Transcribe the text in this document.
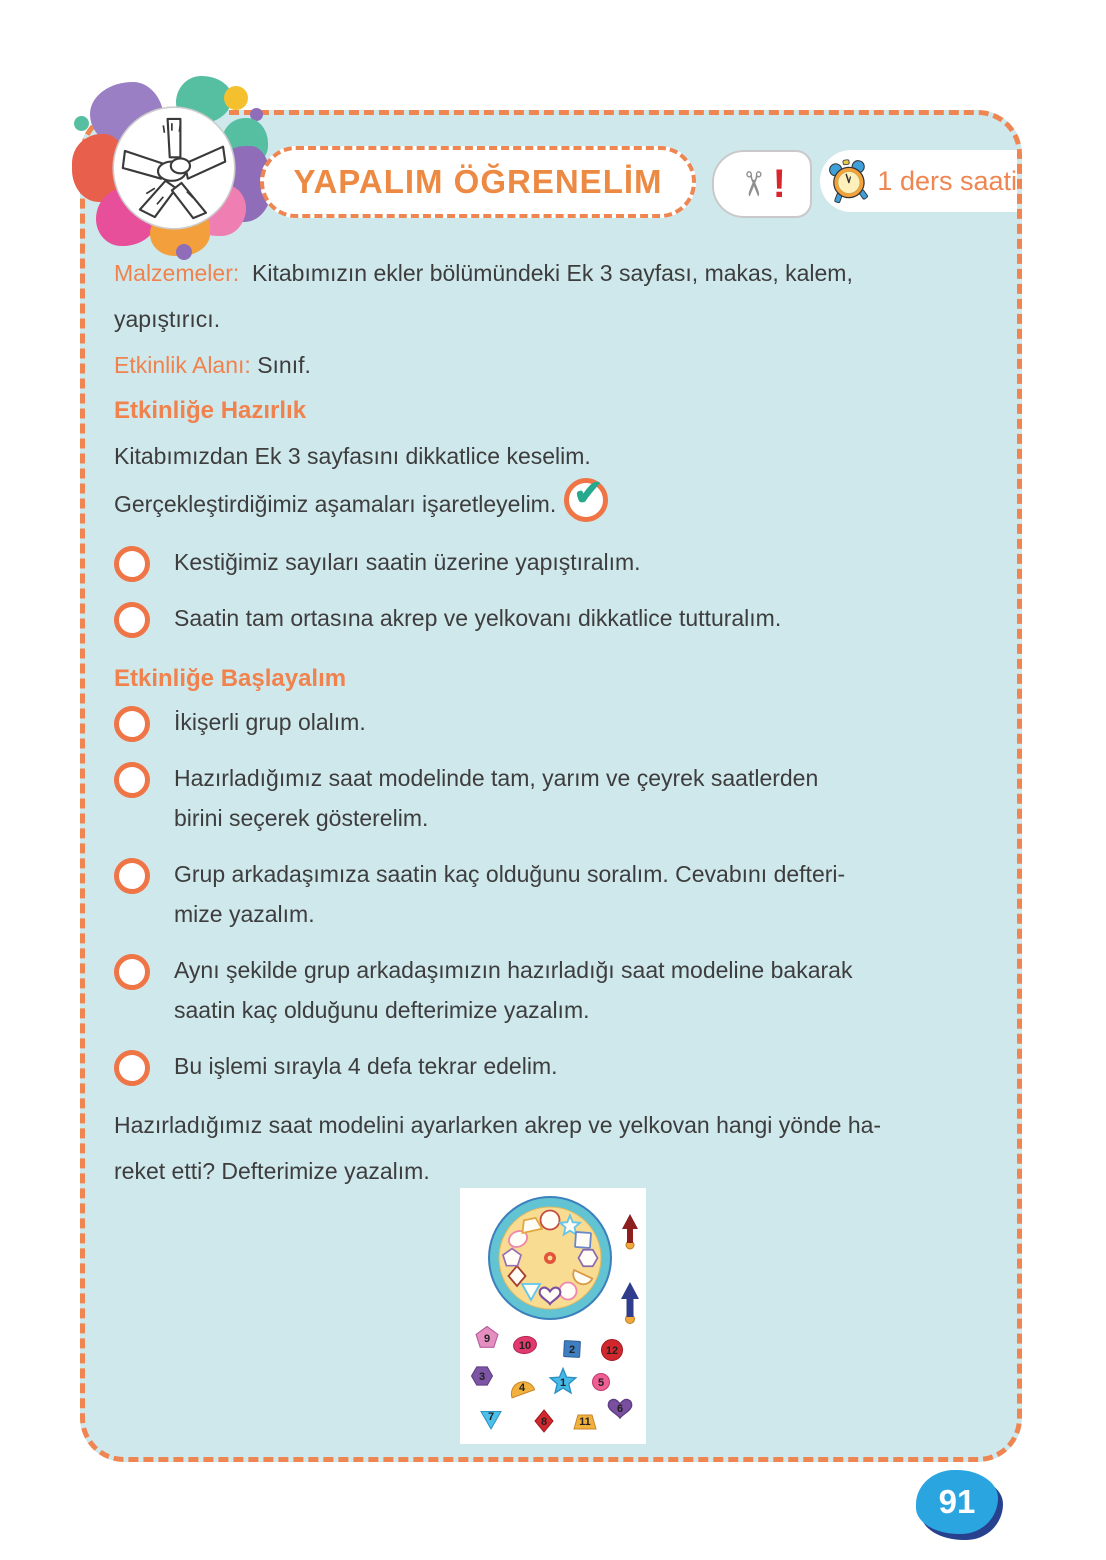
YAPALIM ÖĞRENELİM ✂ !	1 ders saati
Malzemeler: Kitabımızın ekler bölümündeki Ek 3 sayfası, makas, kalem,
yapıştırıcı.
Etkinlik Alanı: Sınıf.
Etkinliğe Hazırlık
Kitabımızdan Ek 3 sayfasını dikkatlice keselim.
Gerçekleştirdiğimiz aşamaları işaretleyelim.✔
Kestiğimiz sayıları saatin üzerine yapıştıralım.
Saatin tam ortasına akrep ve yelkovanı dikkatlice tutturalım.
Etkinliğe Başlayalım
İkişerli grup olalım.
Hazırladığımız saat modelinde tam, yarım ve çeyrek saatlerden
birini seçerek gösterelim.
Grup arkadaşımıza saatin kaç olduğunu soralım. Cevabını defteri-
mize yazalım.
Aynı şekilde grup arkadaşımızın hazırladığı saat modeline bakarak
saatin kaç olduğunu defterimize yazalım.
Bu işlemi sırayla 4 defa tekrar edelim.
Hazırladığımız saat modelini ayarlarken akrep ve yelkovan hangi yönde ha-
reket etti? Defterimize yazalım.
9
10	2	12
3
4	1	5
7	8	11
6
91
